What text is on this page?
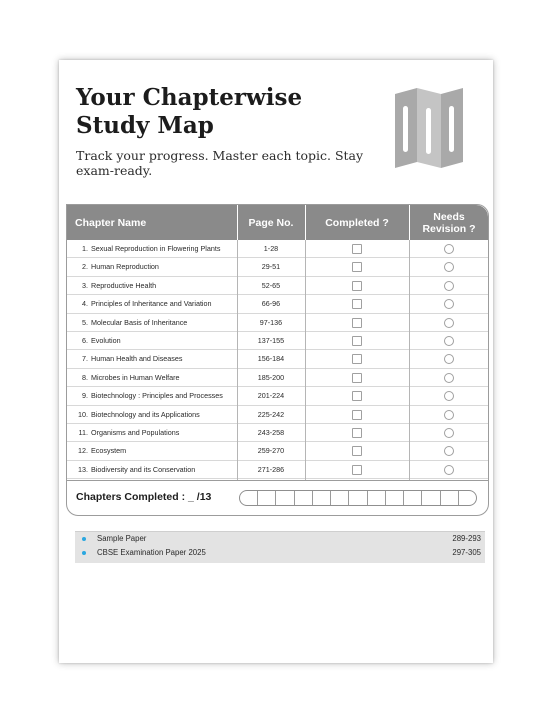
Your Chapterwise Study Map
Track your progress. Master each topic. Stay exam-ready.
Chapter Name	Page No.	Completed ?	Needs Revision ?
1. Sexual Reproduction in Flowering Plants	1-28
2. Human Reproduction	29-51
3. Reproductive Health	52-65
4. Principles of Inheritance and Variation	66-96
5. Molecular Basis of Inheritance	97-136
6. Evolution	137-155
7. Human Health and Diseases	156-184
8. Microbes in Human Welfare	185-200
9. Biotechnology : Principles and Processes	201-224
10. Biotechnology and its Applications	225-242
11. Organisms and Populations	243-258
12. Ecosystem	259-270
13. Biodiversity and its Conservation	271-286
Chapters Completed : _ /13
Sample Paper	289-293
CBSE Examination Paper 2025	297-305
